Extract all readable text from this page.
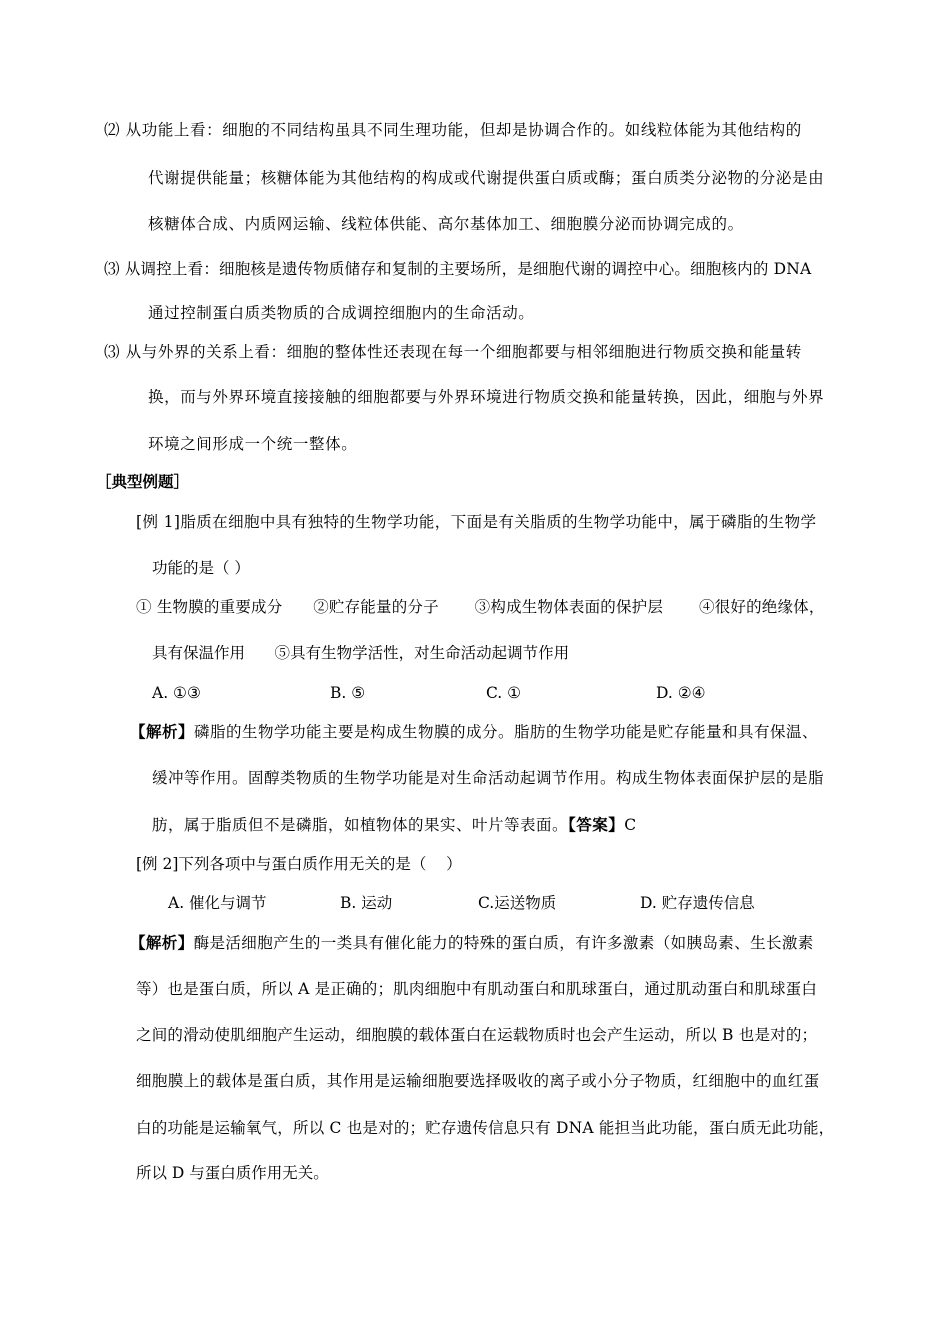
⑵ 从功能上看：细胞的不同结构虽具不同生理功能，但却是协调合作的。如线粒体能为其他结构的
代谢提供能量；核糖体能为其他结构的构成或代谢提供蛋白质或酶；蛋白质类分泌物的分泌是由
核糖体合成、内质网运输、线粒体供能、高尔基体加工、细胞膜分泌而协调完成的。
⑶ 从调控上看：细胞核是遗传物质储存和复制的主要场所，是细胞代谢的调控中心。细胞核内的 DNA
通过控制蛋白质类物质的合成调控细胞内的生命活动。
⑶ 从与外界的关系上看：细胞的整体性还表现在每一个细胞都要与相邻细胞进行物质交换和能量转
换，而与外界环境直接接触的细胞都要与外界环境进行物质交换和能量转换，因此，细胞与外界
环境之间形成一个统一整体。
［典型例题］
[例 1]脂质在细胞中具有独特的生物学功能，下面是有关脂质的生物学功能中，属于磷脂的生物学
功能的是（ ）
① 生物膜的重要成分      ②贮存能量的分子       ③构成生物体表面的保护层       ④很好的绝缘体，
具有保温作用      ⑤具有生物学活性，对生命活动起调节作用
A. ①③	B. ⑤	C. ①	D. ②④
【解析】磷脂的生物学功能主要是构成生物膜的成分。脂肪的生物学功能是贮存能量和具有保温、
缓冲等作用。固醇类物质的生物学功能是对生命活动起调节作用。构成生物体表面保护层的是脂
肪，属于脂质但不是磷脂，如植物体的果实、叶片等表面。【答案】C
[例 2]下列各项中与蛋白质作用无关的是（    ）
A. 催化与调节	B. 运动	C.运送物质	D. 贮存遗传信息
【解析】酶是活细胞产生的一类具有催化能力的特殊的蛋白质，有许多激素（如胰岛素、生长激素
等）也是蛋白质，所以 A 是正确的；肌肉细胞中有肌动蛋白和肌球蛋白，通过肌动蛋白和肌球蛋白
之间的滑动使肌细胞产生运动，细胞膜的载体蛋白在运载物质时也会产生运动，所以 B 也是对的；
细胞膜上的载体是蛋白质，其作用是运输细胞要选择吸收的离子或小分子物质，红细胞中的血红蛋
白的功能是运输氧气，所以 C 也是对的；贮存遗传信息只有 DNA 能担当此功能，蛋白质无此功能，
所以 D 与蛋白质作用无关。
